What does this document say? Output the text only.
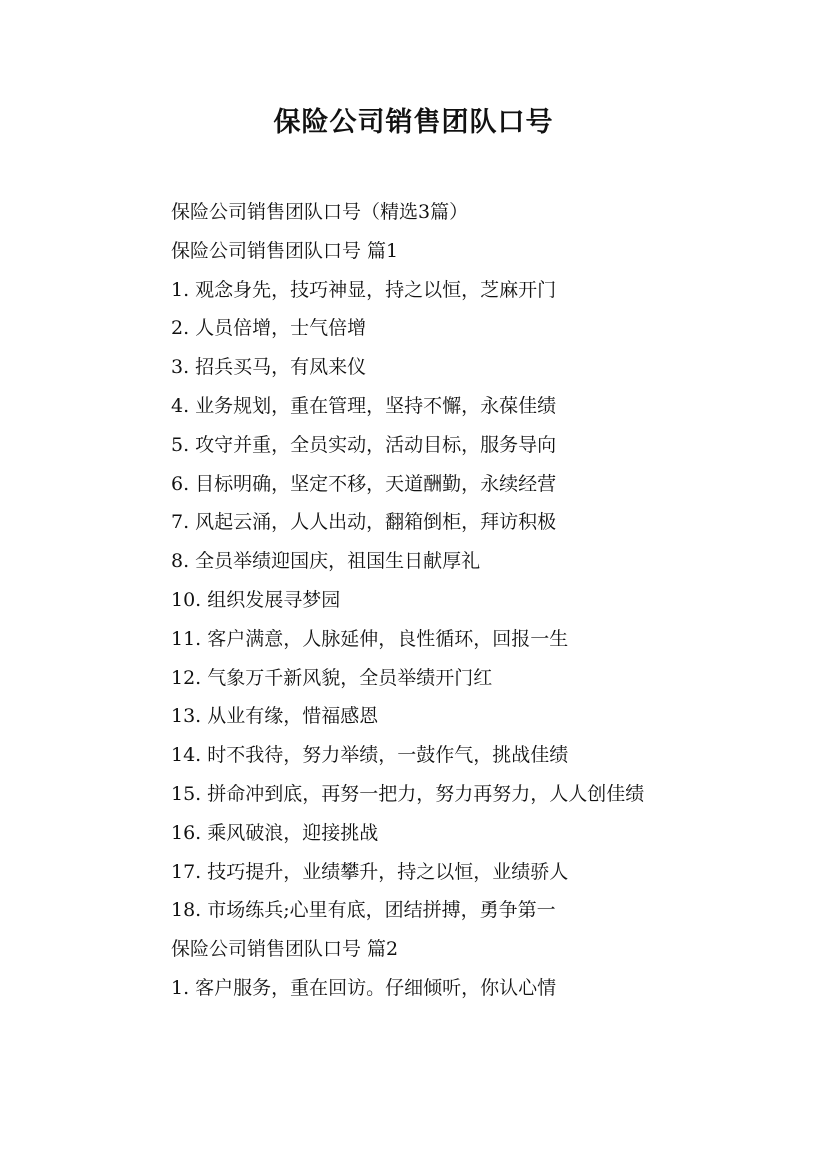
保险公司销售团队口号

保险公司销售团队口号（精选3篇）

保险公司销售团队口号 篇1

1. 观念身先，技巧神显，持之以恒，芝麻开门

2. 人员倍增，士气倍增

3. 招兵买马，有凤来仪

4. 业务规划，重在管理，坚持不懈，永葆佳绩

5. 攻守并重，全员实动，活动目标，服务导向

6. 目标明确，坚定不移，天道酬勤，永续经营

7. 风起云涌，人人出动，翻箱倒柜，拜访积极

8. 全员举绩迎国庆，祖国生日献厚礼

10. 组织发展寻梦园

11. 客户满意，人脉延伸，良性循环，回报一生

12. 气象万千新风貌，全员举绩开门红

13. 从业有缘，惜福感恩

14. 时不我待，努力举绩，一鼓作气，挑战佳绩

15. 拼命冲到底，再努一把力，努力再努力，人人创佳绩

16. 乘风破浪，迎接挑战

17. 技巧提升，业绩攀升，持之以恒，业绩骄人

18. 市场练兵;心里有底，团结拼搏，勇争第一

保险公司销售团队口号 篇2

1. 客户服务，重在回访。仔细倾听，你认心情
